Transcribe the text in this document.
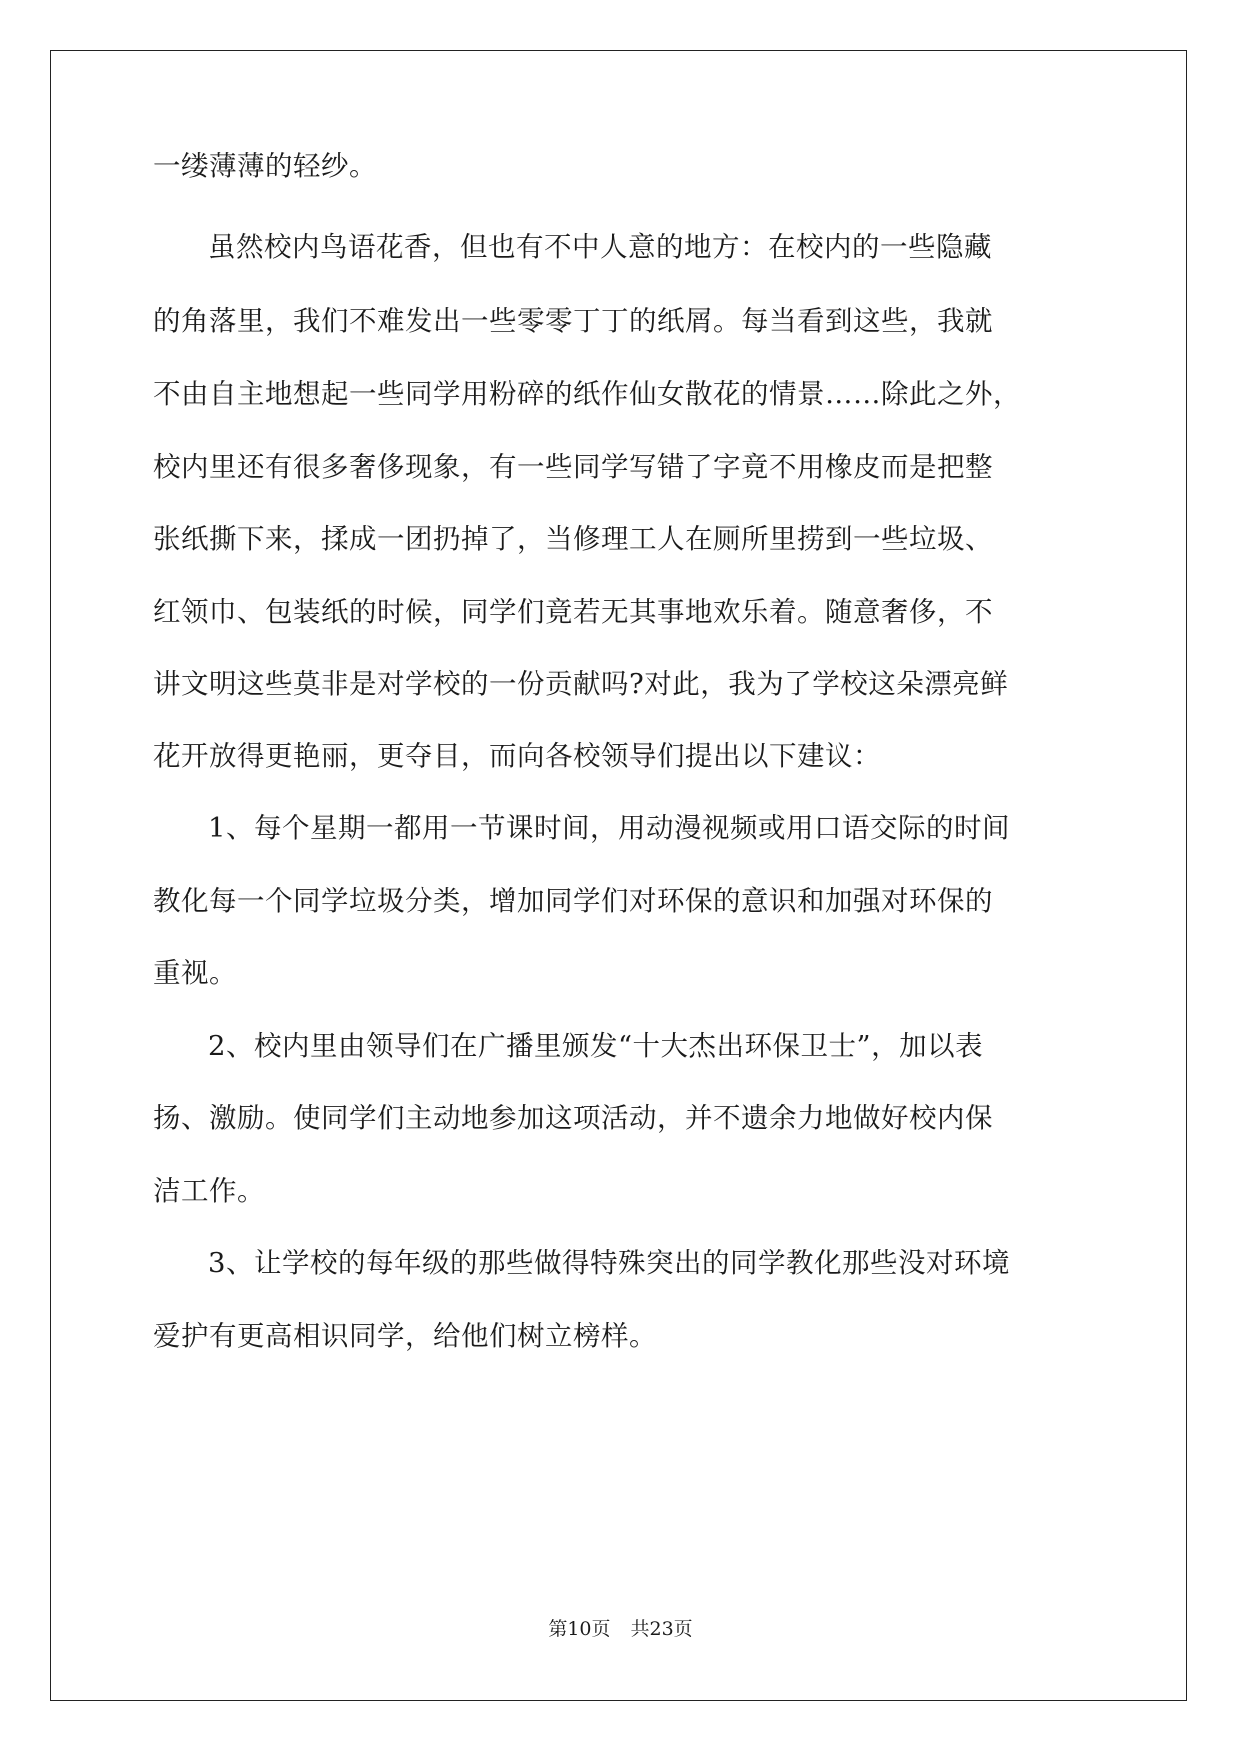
一缕薄薄的轻纱。

虽然校内鸟语花香，但也有不中人意的地方：在校内的一些隐藏

的角落里，我们不难发出一些零零丁丁的纸屑。每当看到这些，我就

不由自主地想起一些同学用粉碎的纸作仙女散花的情景……除此之外，

校内里还有很多奢侈现象，有一些同学写错了字竟不用橡皮而是把整

张纸撕下来，揉成一团扔掉了，当修理工人在厕所里捞到一些垃圾、

红领巾、包装纸的时候，同学们竟若无其事地欢乐着。随意奢侈，不

讲文明这些莫非是对学校的一份贡献吗?对此，我为了学校这朵漂亮鲜

花开放得更艳丽，更夺目，而向各校领导们提出以下建议：

1、每个星期一都用一节课时间，用动漫视频或用口语交际的时间

教化每一个同学垃圾分类，增加同学们对环保的意识和加强对环保的

重视。

2、校内里由领导们在广播里颁发“十大杰出环保卫士”，加以表

扬、激励。使同学们主动地参加这项活动，并不遗余力地做好校内保

洁工作。

3、让学校的每年级的那些做得特殊突出的同学教化那些没对环境

爱护有更高相识同学，给他们树立榜样。

第10页 共23页
